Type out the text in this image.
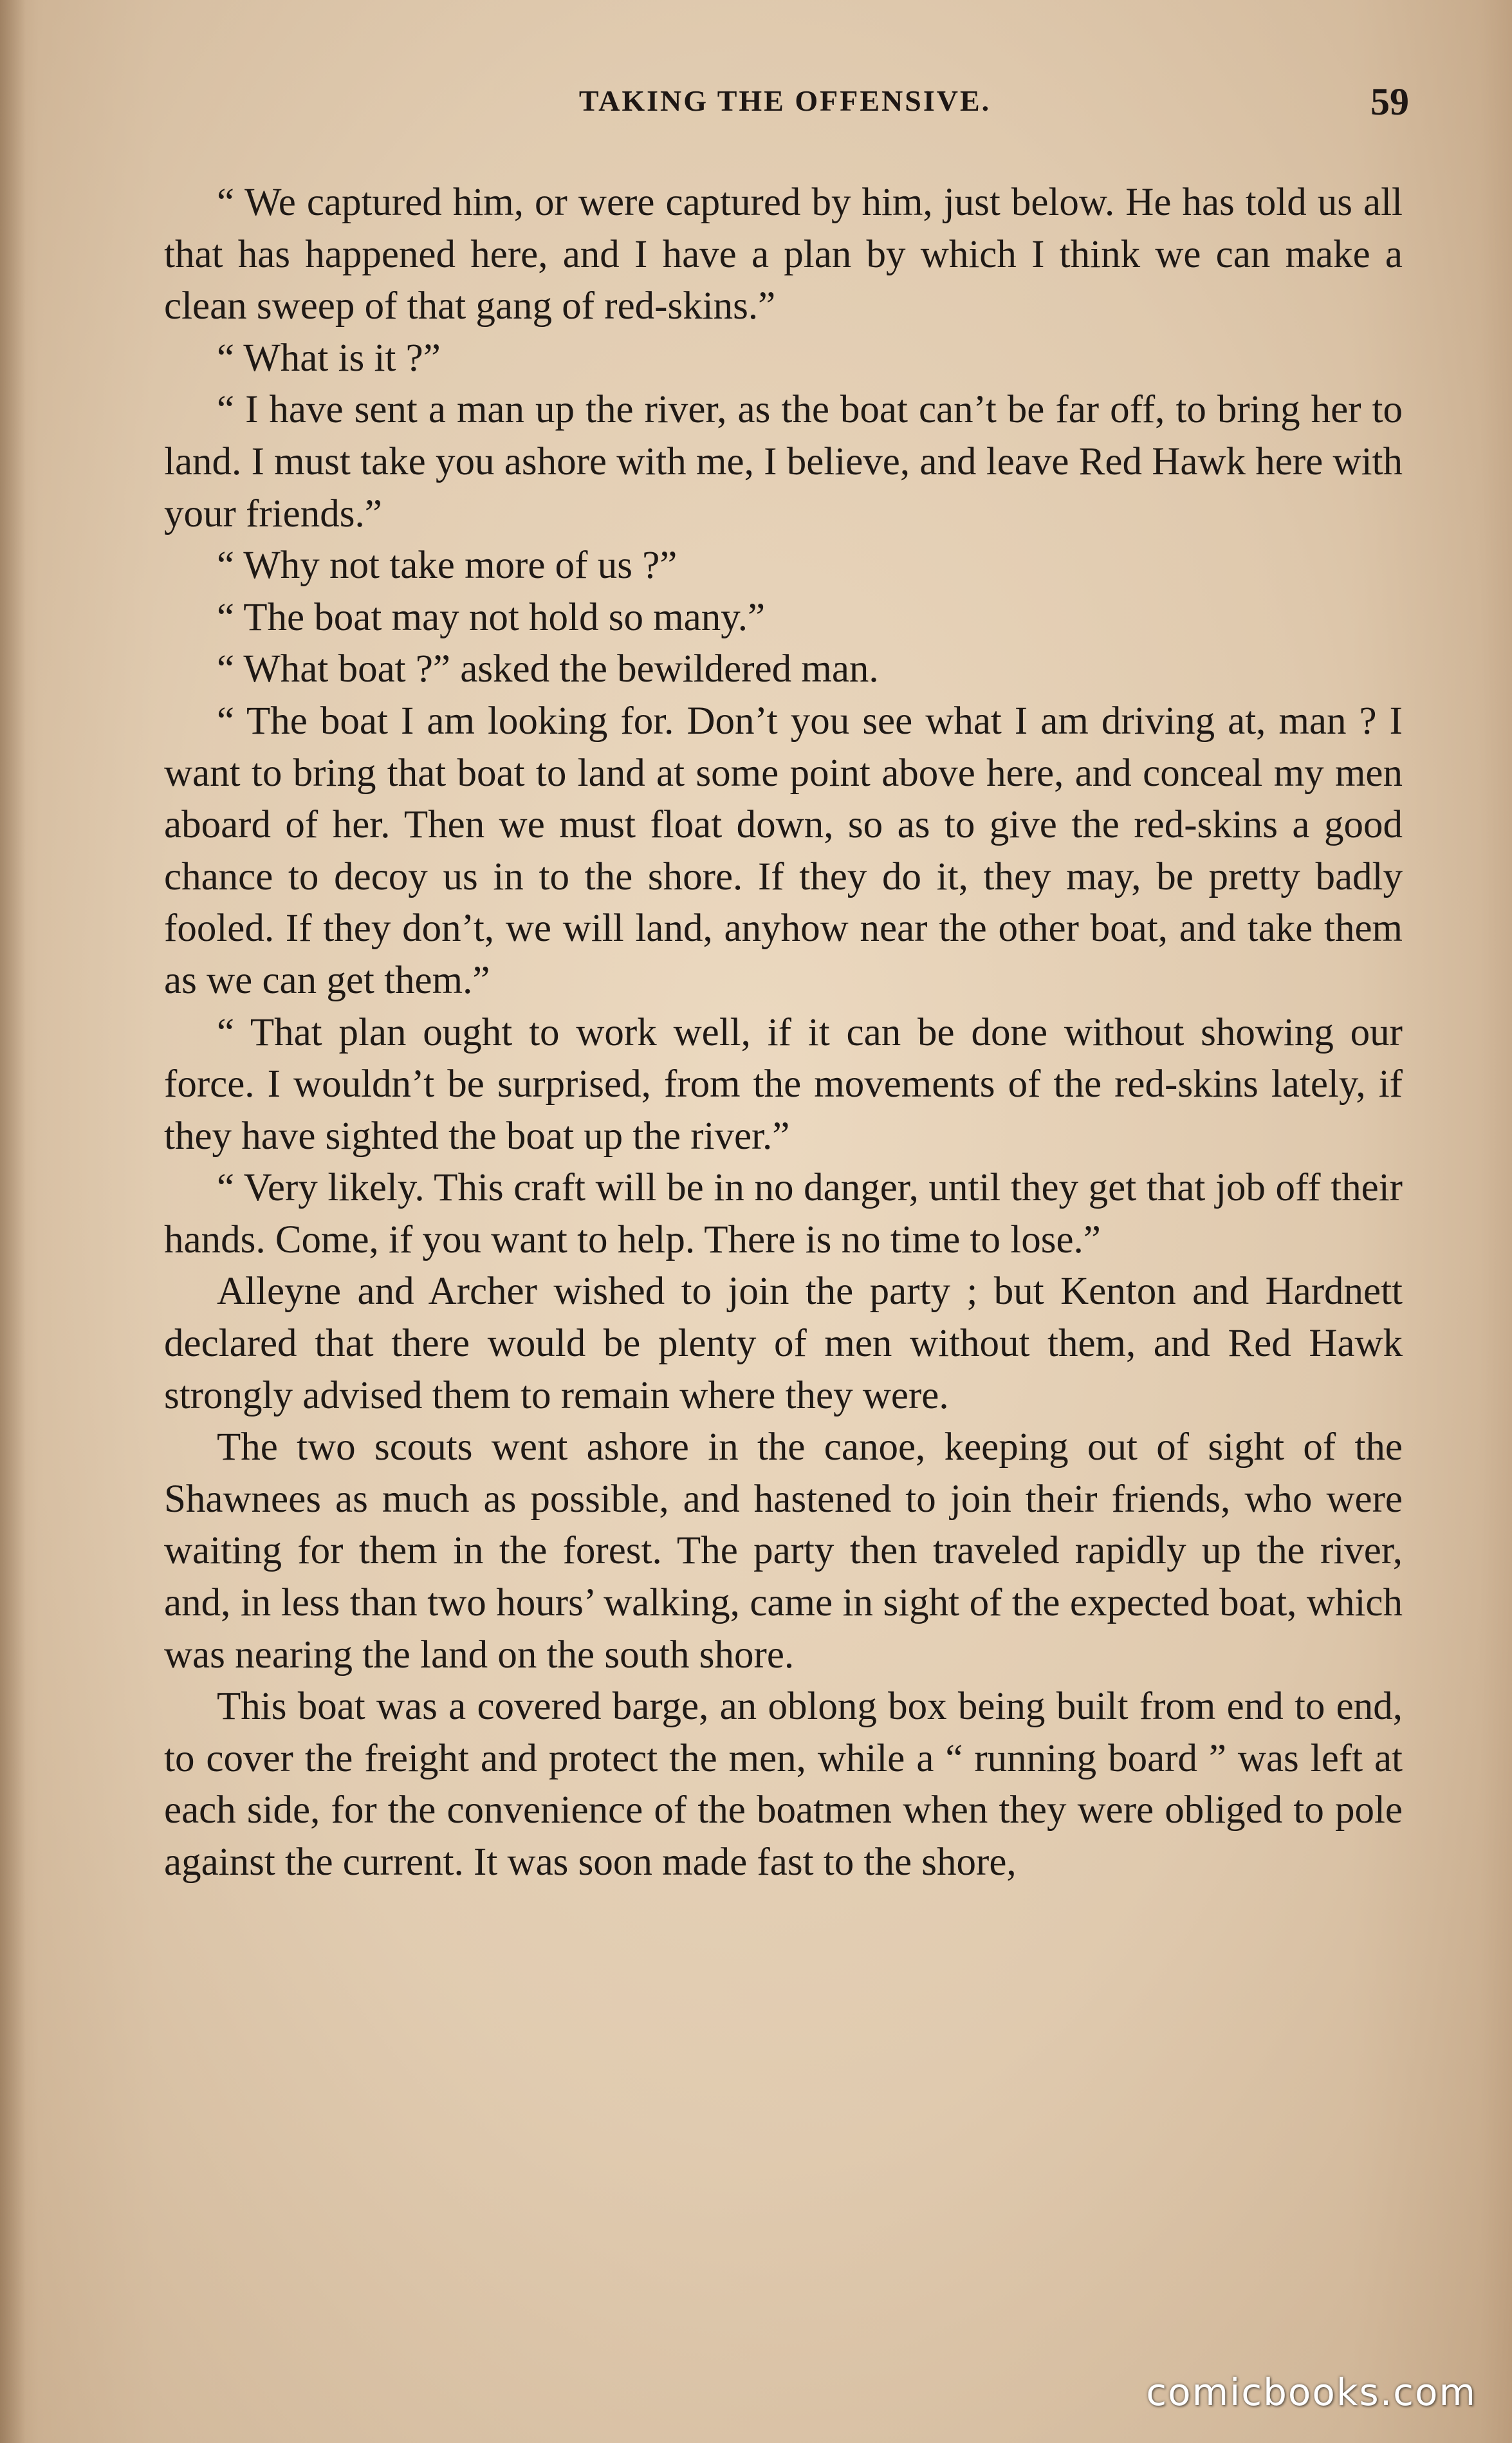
TAKING THE OFFENSIVE.	59

“ We captured him, or were captured by him, just below. He has told us all that has happened here, and I have a plan by which I think we can make a clean sweep of that gang of red-skins.”

“ What is it ?”

“ I have sent a man up the river, as the boat can’t be far off, to bring her to land. I must take you ashore with me, I believe, and leave Red Hawk here with your friends.”

“ Why not take more of us ?”

“ The boat may not hold so many.”

“ What boat ?” asked the bewildered man.

“ The boat I am looking for. Don’t you see what I am driving at, man ? I want to bring that boat to land at some point above here, and conceal my men aboard of her. Then we must float down, so as to give the red-skins a good chance to decoy us in to the shore. If they do it, they may, be pretty badly fooled. If they don’t, we will land, anyhow near the other boat, and take them as we can get them.”

“ That plan ought to work well, if it can be done without showing our force. I wouldn’t be surprised, from the movements of the red-skins lately, if they have sighted the boat up the river.”

“ Very likely. This craft will be in no danger, until they get that job off their hands. Come, if you want to help. There is no time to lose.”

Alleyne and Archer wished to join the party ; but Kenton and Hardnett declared that there would be plenty of men without them, and Red Hawk strongly advised them to remain where they were.

The two scouts went ashore in the canoe, keeping out of sight of the Shawnees as much as possible, and hastened to join their friends, who were waiting for them in the forest. The party then traveled rapidly up the river, and, in less than two hours’ walking, came in sight of the expected boat, which was nearing the land on the south shore.

This boat was a covered barge, an oblong box being built from end to end, to cover the freight and protect the men, while a “ running board ” was left at each side, for the convenience of the boatmen when they were obliged to pole against the current. It was soon made fast to the shore,

comicbooks.com
